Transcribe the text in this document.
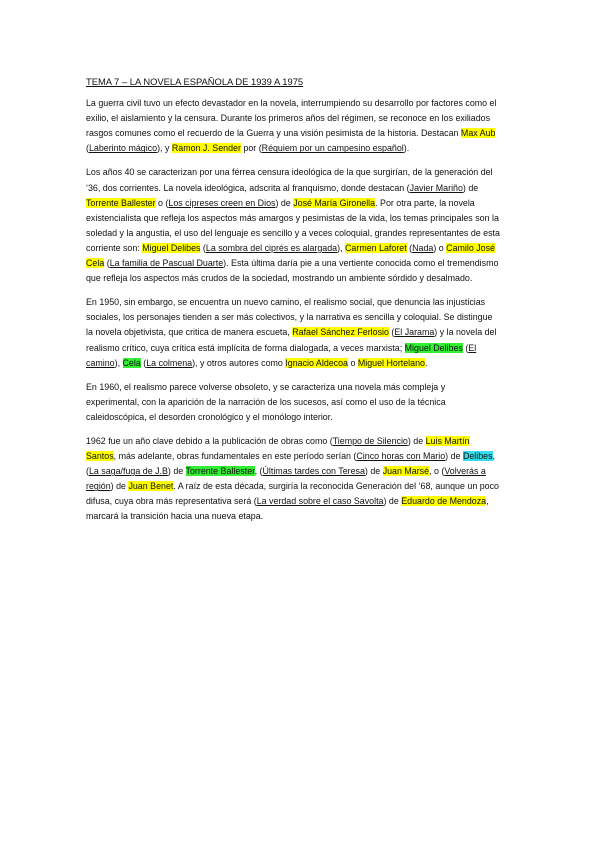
TEMA 7 – LA NOVELA ESPAÑOLA DE 1939 A 1975

La guerra civil tuvo un efecto devastador en la novela, interrumpiendo su desarrollo por factores como el exilio, el aislamiento y la censura. Durante los primeros años del régimen, se reconoce en los exiliados rasgos comunes como el recuerdo de la Guerra y una visión pesimista de la historia. Destacan Max Aub (Laberinto mágico), y Ramon J. Sender por (Réquiem por un campesino español).

Los años 40 se caracterizan por una férrea censura ideológica de la que surgirían, de la generación del ‘36, dos corrientes. La novela ideológica, adscrita al franquismo, donde destacan (Javier Mariño) de Torrente Ballester o (Los cipreses creen en Dios) de José María Gironella. Por otra parte, la novela existencialista que refleja los aspectos más amargos y pesimistas de la vida, los temas principales son la soledad y la angustia, el uso del lenguaje es sencillo y a veces coloquial, grandes representantes de esta corriente son: Miguel Delibes (La sombra del ciprés es alargada), Carmen Laforet (Nada) o Camilo José Cela (La familia de Pascual Duarte). Esta última daría pie a una vertiente conocida como el tremendismo que refleja los aspectos más crudos de la sociedad, mostrando un ambiente sórdido y desalmado.

En 1950, sin embargo, se encuentra un nuevo camino, el realismo social, que denuncia las injusticias sociales, los personajes tienden a ser más colectivos, y la narrativa es sencilla y coloquial. Se distingue la novela objetivista, que critica de manera escueta, Rafael Sánchez Ferlosio (El Jarama) y la novela del realismo crítico, cuya crítica está implícita de forma dialogada, a veces marxista; Miguel Delibes (El camino), Cela (La colmena), y otros autores como Ignacio Aldecoa o Miguel Hortelano.

En 1960, el realismo parece volverse obsoleto, y se caracteriza una novela más compleja y experimental, con la aparición de la narración de los sucesos, así como el uso de la técnica caleidoscópica, el desorden cronológico y el monólogo interior.

1962 fue un año clave debido a la publicación de obras como (Tiempo de Silencio) de Luis Martín Santos, más adelante, obras fundamentales en este período serían (Cinco horas con Mario) de Delibes, (La saga/fuga de J.B) de Torrente Ballester, (Últimas tardes con Teresa) de Juan Marsé, o (Volverás a región) de Juan Benet. A raíz de esta década, surgiría la reconocida Generación del ‘68, aunque un poco difusa, cuya obra más representativa será (La verdad sobre el caso Savolta) de Eduardo de Mendoza, marcará la transición hacia una nueva etapa.
